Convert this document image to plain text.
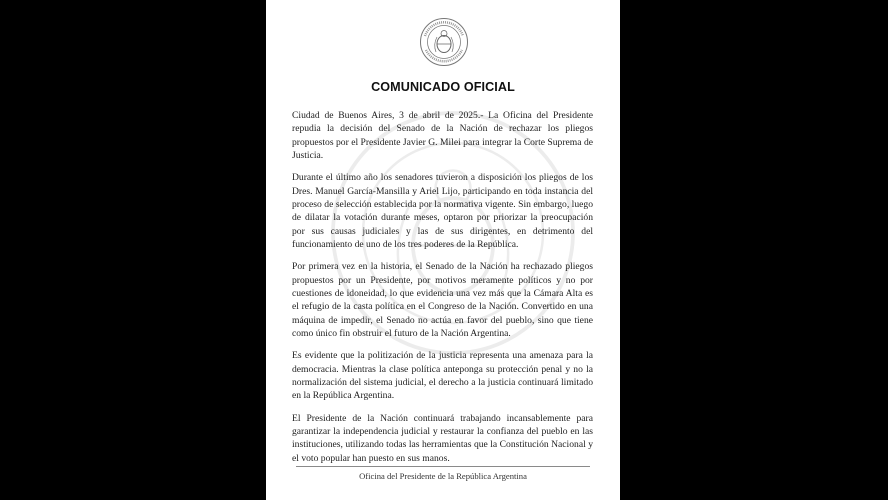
COMUNICADO OFICIAL

Ciudad de Buenos Aires, 3 de abril de 2025.- La Oficina del Presidente repudia la decisión del Senado de la Nación de rechazar los pliegos propuestos por el Presidente Javier G. Milei para integrar la Corte Suprema de Justicia.

Durante el último año los senadores tuvieron a disposición los pliegos de los Dres. Manuel García-Mansilla y Ariel Lijo, participando en toda instancia del proceso de selección establecida por la normativa vigente. Sin embargo, luego de dilatar la votación durante meses, optaron por priorizar la preocupación por sus causas judiciales y las de sus dirigentes, en detrimento del funcionamiento de uno de los tres poderes de la República.

Por primera vez en la historia, el Senado de la Nación ha rechazado pliegos propuestos por un Presidente, por motivos meramente políticos y no por cuestiones de idoneidad, lo que evidencia una vez más que la Cámara Alta es el refugio de la casta política en el Congreso de la Nación. Convertido en una máquina de impedir, el Senado no actúa en favor del pueblo, sino que tiene como único fin obstruir el futuro de la Nación Argentina.

Es evidente que la politización de la justicia representa una amenaza para la democracia. Mientras la clase política anteponga su protección penal y no la normalización del sistema judicial, el derecho a la justicia continuará limitado en la República Argentina.

El Presidente de la Nación continuará trabajando incansablemente para garantizar la independencia judicial y restaurar la confianza del pueblo en las instituciones, utilizando todas las herramientas que la Constitución Nacional y el voto popular han puesto en sus manos.

Oficina del Presidente de la República Argentina
